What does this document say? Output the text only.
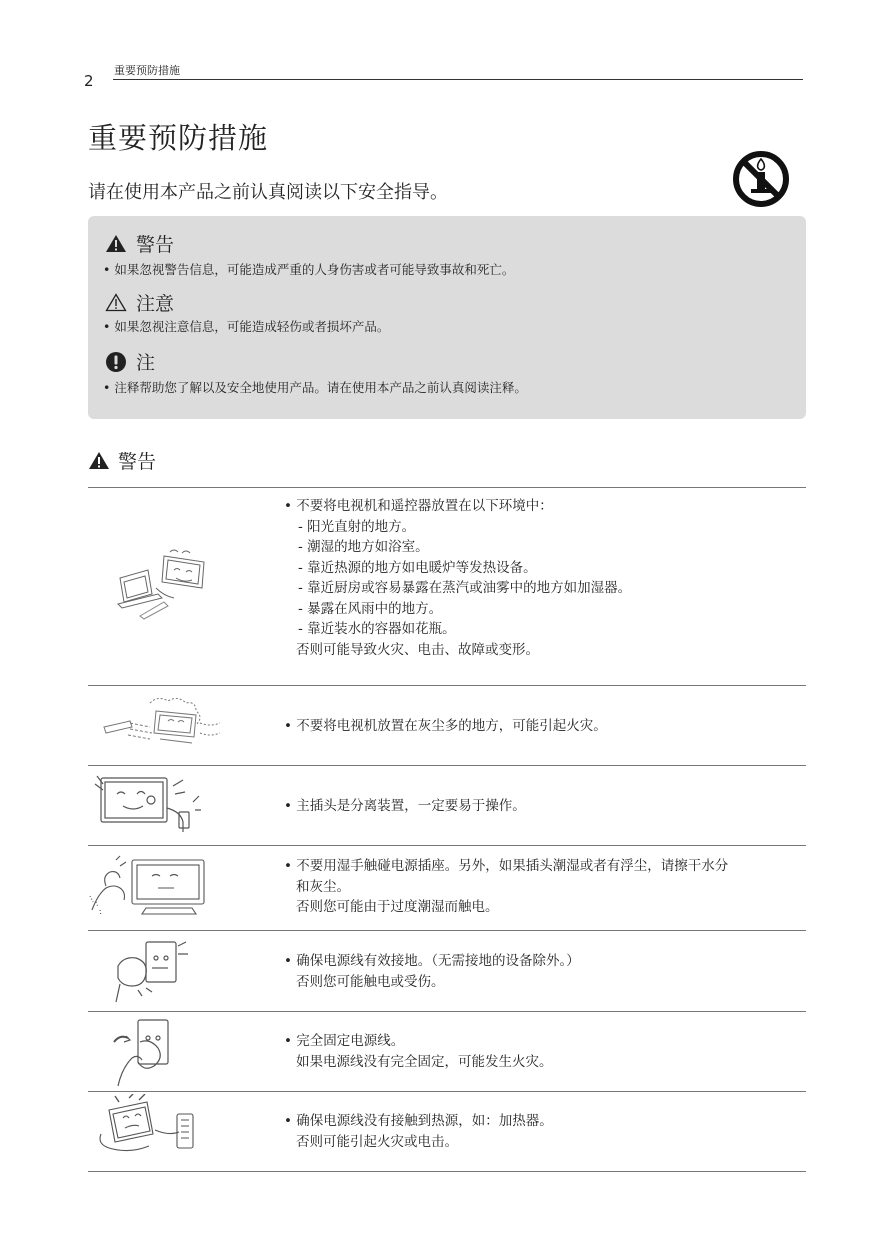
2
重要预防措施
重要预防措施
请在使用本产品之前认真阅读以下安全指导。
警告
• 如果忽视警告信息，可能造成严重的人身伤害或者可能导致事故和死亡。
注意
• 如果忽视注意信息，可能造成轻伤或者损坏产品。
注
• 注释帮助您了解以及安全地使用产品。请在使用本产品之前认真阅读注释。
警告
• 不要将电视机和遥控器放置在以下环境中：
- 阳光直射的地方。
- 潮湿的地方如浴室。
- 靠近热源的地方如电暖炉等发热设备。
- 靠近厨房或容易暴露在蒸汽或油雾中的地方如加湿器。
- 暴露在风雨中的地方。
- 靠近装水的容器如花瓶。
否则可能导致火灾、电击、故障或变形。
• 不要将电视机放置在灰尘多的地方，可能引起火灾。
• 主插头是分离装置，一定要易于操作。
• 不要用湿手触碰电源插座。另外，如果插头潮湿或者有浮尘，请擦干水分
和灰尘。
否则您可能由于过度潮湿而触电。
• 确保电源线有效接地。（无需接地的设备除外。）
否则您可能触电或受伤。
• 完全固定电源线。
如果电源线没有完全固定，可能发生火灾。
• 确保电源线没有接触到热源，如：加热器。
否则可能引起火灾或电击。
